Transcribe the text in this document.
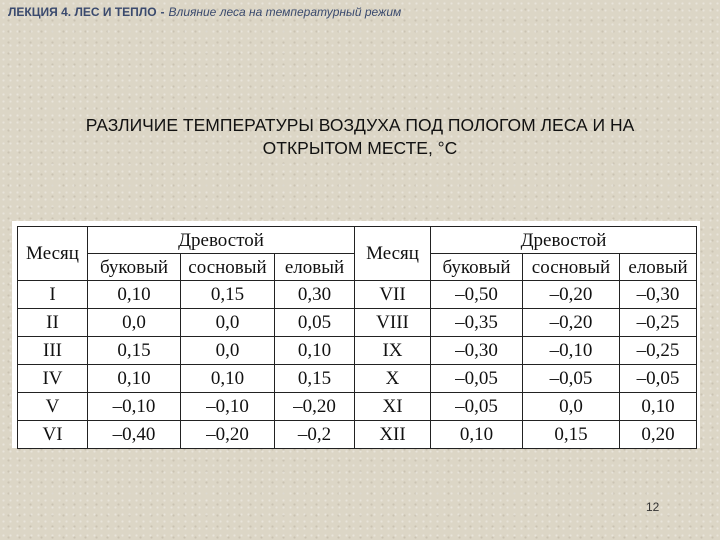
ЛЕКЦИЯ 4. ЛЕС И ТЕПЛО - Влияние леса на температурный режим
РАЗЛИЧИЕ ТЕМПЕРАТУРЫ ВОЗДУХА ПОД ПОЛОГОМ ЛЕСА И НА
ОТКРЫТОМ МЕСТЕ, °С
Месяц	Древостой			Месяц	Древостой		
	буковый	сосновый	еловый		буковый	сосновый	еловый
I	0,10	0,15	0,30	VII	–0,50	–0,20	–0,30
II	0,0	0,0	0,05	VIII	–0,35	–0,20	–0,25
III	0,15	0,0	0,10	IX	–0,30	–0,10	–0,25
IV	0,10	0,10	0,15	X	–0,05	–0,05	–0,05
V	–0,10	–0,10	–0,20	XI	–0,05	0,0	0,10
VI	–0,40	–0,20	–0,2	XII	0,10	0,15	0,20
12
